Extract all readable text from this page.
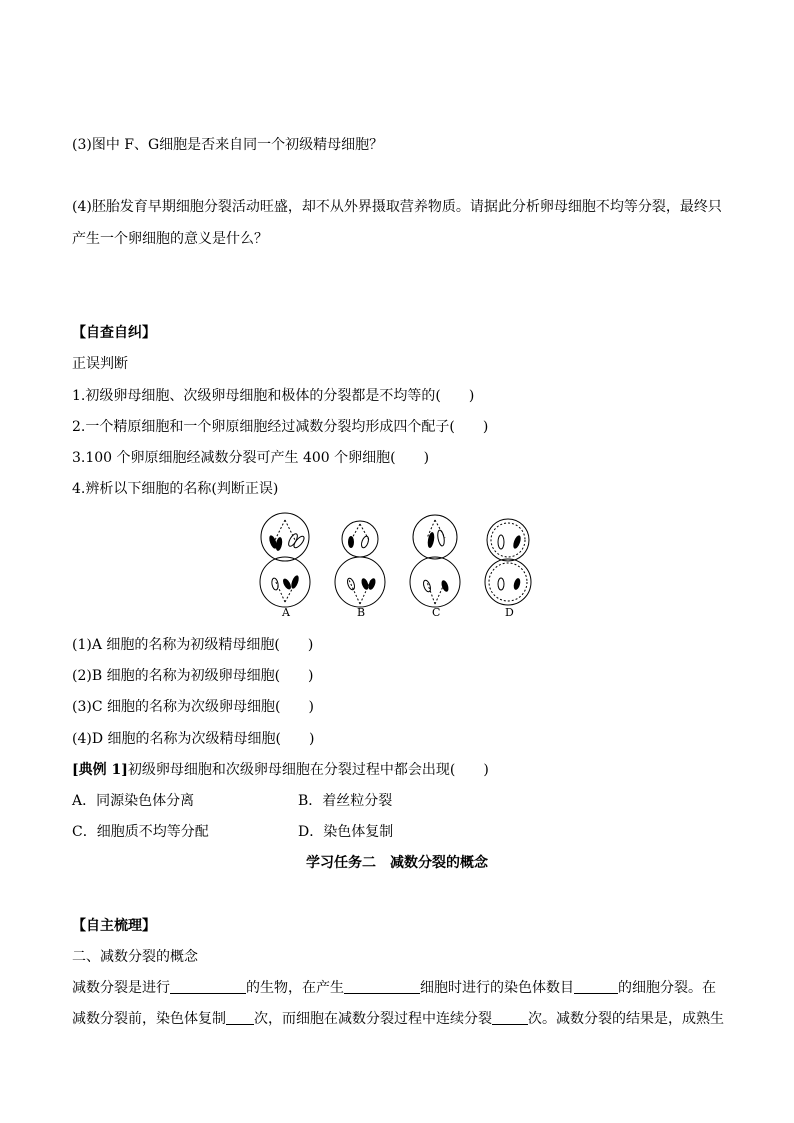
(3)图中 F、G细胞是否来自同一个初级精母细胞？
(4)胚胎发育早期细胞分裂活动旺盛，却不从外界摄取营养物质。请据此分析卵母细胞不均等分裂，最终只
产生一个卵细胞的意义是什么？
【自查自纠】
正误判断
1.初级卵母细胞、次级卵母细胞和极体的分裂都是不均等的(　　)
2.一个精原细胞和一个卵原细胞经过减数分裂均形成四个配子(　　)
3.100 个卵原细胞经减数分裂可产生 400 个卵细胞(　　)
4.辨析以下细胞的名称(判断正误)
A	B	C	D
(1)A 细胞的名称为初级精母细胞(　　)
(2)B 细胞的名称为初级卵母细胞(　　)
(3)C 细胞的名称为次级卵母细胞(　　)
(4)D 细胞的名称为次级精母细胞(　　)
[典例 1]初级卵母细胞和次级卵母细胞在分裂过程中都会出现(　　)
A．同源染色体分离	B．着丝粒分裂
C．细胞质不均等分配	D．染色体复制
学习任务二　减数分裂的概念
【自主梳理】
二、减数分裂的概念
减数分裂是进行	的生物，在产生	细胞时进行的染色体数目	的细胞分裂。在
减数分裂前，染色体复制 次，而细胞在减数分裂过程中连续分裂	次。减数分裂的结果是，成熟生
